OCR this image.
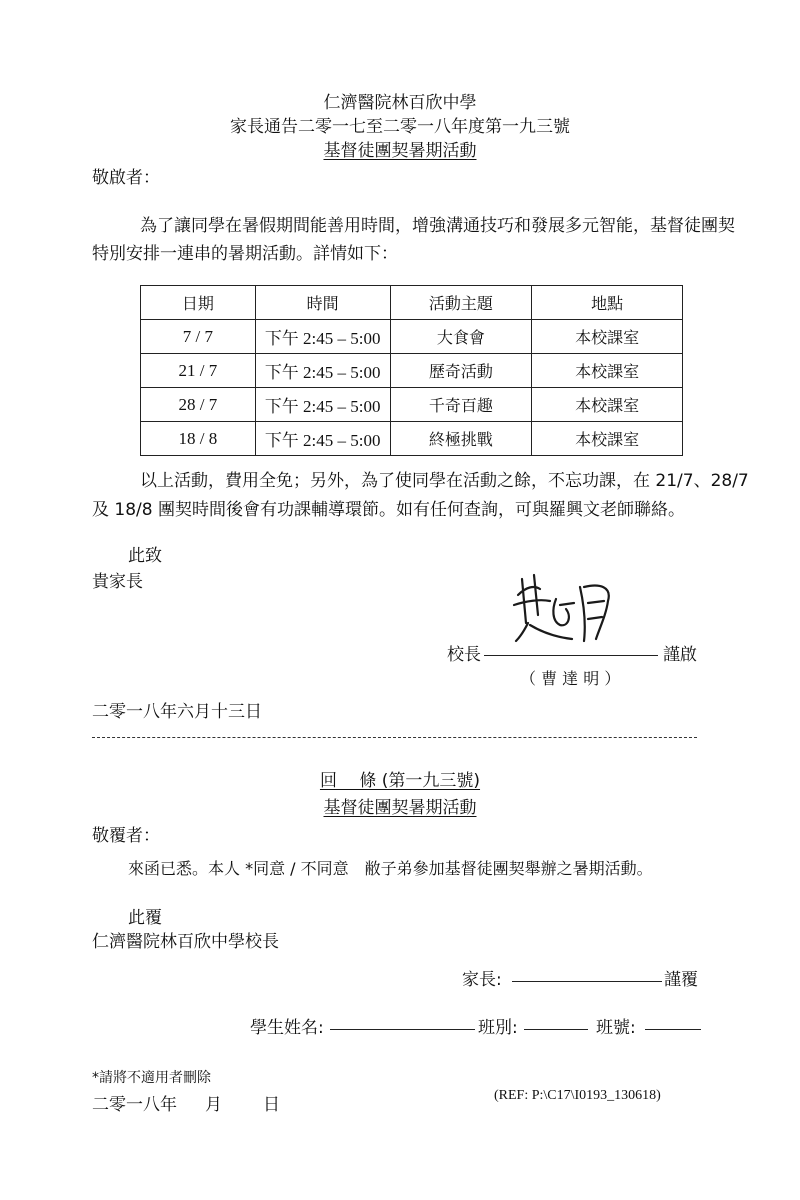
仁濟醫院林百欣中學
家長通告二零一七至二零一八年度第一九三號
基督徒團契暑期活動
敬啟者：
為了讓同學在暑假期間能善用時間，增強溝通技巧和發展多元智能，基督徒團契
特別安排一連串的暑期活動。詳情如下：
日期	時間	活動主題	地點
7 / 7	下午 2:45 – 5:00	大食會	本校課室
21 / 7	下午 2:45 – 5:00	歷奇活動	本校課室
28 / 7	下午 2:45 – 5:00	千奇百趣	本校課室
18 / 8	下午 2:45 – 5:00	終極挑戰	本校課室
以上活動，費用全免；另外，為了使同學在活動之餘，不忘功課，在 21/7、28/7
及 18/8 團契時間後會有功課輔導環節。如有任何查詢，可與羅興文老師聯絡。
此致
貴家長
校長	謹啟
（ 曹 達 明 ）
二零一八年六月十三日
回　 條 (第一九三號)
基督徒團契暑期活動
敬覆者：
來函已悉。本人 *同意 / 不同意　敝子弟參加基督徒團契舉辦之暑期活動。
此覆
仁濟醫院林百欣中學校長
家長:	謹覆
學生姓名:	班別:	班號:
*請將不適用者刪除
二零一八年 月 日	(REF: P:\C17\I0193_130618)
